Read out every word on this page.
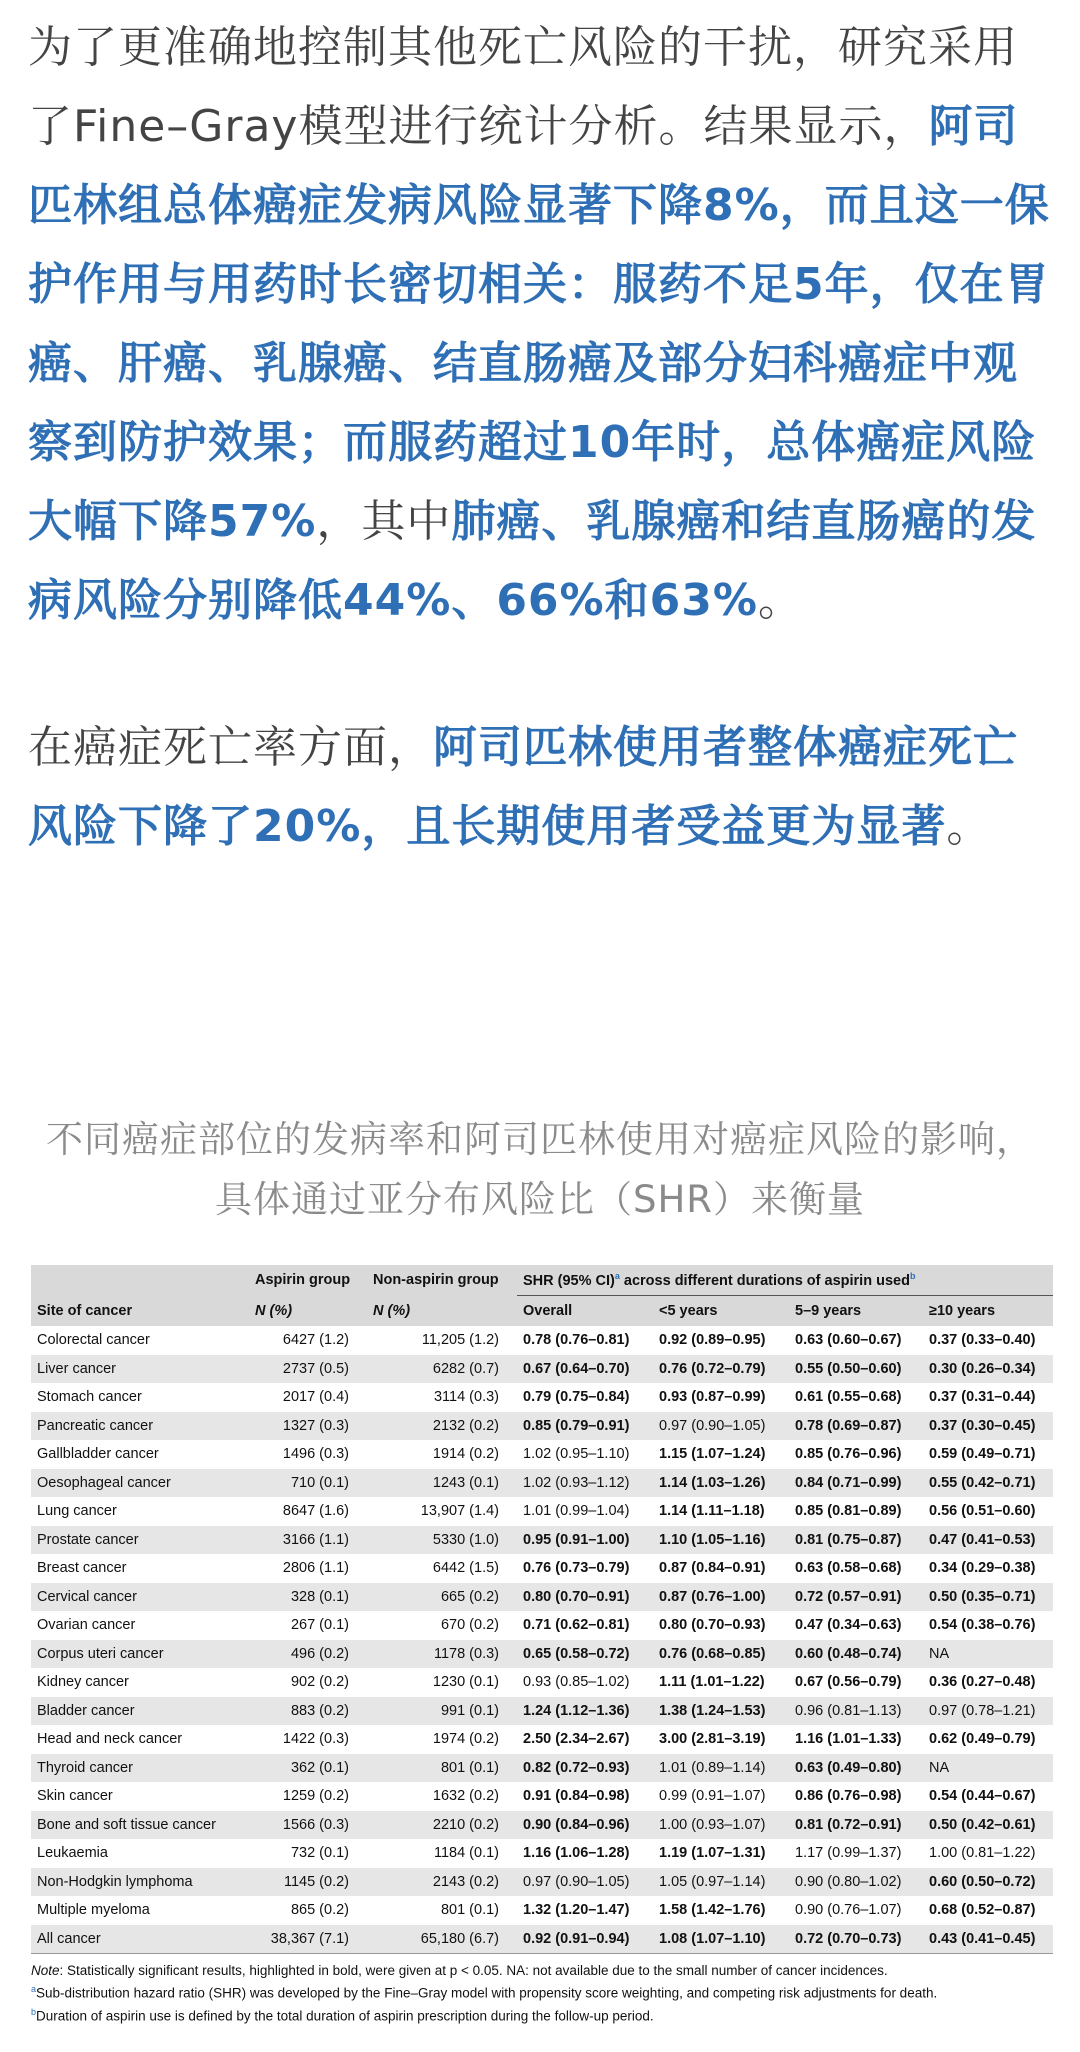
为了更准确地控制其他死亡风险的干扰，研究采用了Fine–Gray模型进行统计分析。结果显示，阿司匹林组总体癌症发病风险显著下降8%，而且这一保护作用与用药时长密切相关：服药不足5年，仅在胃癌、肝癌、乳腺癌、结直肠癌及部分妇科癌症中观察到防护效果；而服药超过10年时，总体癌症风险大幅下降57%，其中肺癌、乳腺癌和结直肠癌的发病风险分别降低44%、66%和63%。

在癌症死亡率方面，阿司匹林使用者整体癌症死亡风险下降了20%，且长期使用者受益更为显著。

不同癌症部位的发病率和阿司匹林使用对癌症风险的影响，具体通过亚分布风险比（SHR）来衡量
	Aspirin group	Non-aspirin group	SHR (95% CI)$^a$ across different durations of aspirin used$^b$
Site of cancer	N (%)	N (%)	Overall	<5 years	5–9 years	≥10 years
Colorectal cancer	6427 (1.2)	11,205 (1.2)	0.78 (0.76–0.81)	0.92 (0.89–0.95)	0.63 (0.60–0.67)	0.37 (0.33–0.40)
Liver cancer	2737 (0.5)	6282 (0.7)	0.67 (0.64–0.70)	0.76 (0.72–0.79)	0.55 (0.50–0.60)	0.30 (0.26–0.34)
Stomach cancer	2017 (0.4)	3114 (0.3)	0.79 (0.75–0.84)	0.93 (0.87–0.99)	0.61 (0.55–0.68)	0.37 (0.31–0.44)
Pancreatic cancer	1327 (0.3)	2132 (0.2)	0.85 (0.79–0.91)	0.97 (0.90–1.05)	0.78 (0.69–0.87)	0.37 (0.30–0.45)
Gallbladder cancer	1496 (0.3)	1914 (0.2)	1.02 (0.95–1.10)	1.15 (1.07–1.24)	0.85 (0.76–0.96)	0.59 (0.49–0.71)
Oesophageal cancer	710 (0.1)	1243 (0.1)	1.02 (0.93–1.12)	1.14 (1.03–1.26)	0.84 (0.71–0.99)	0.55 (0.42–0.71)
Lung cancer	8647 (1.6)	13,907 (1.4)	1.01 (0.99–1.04)	1.14 (1.11–1.18)	0.85 (0.81–0.89)	0.56 (0.51–0.60)
Prostate cancer	3166 (1.1)	5330 (1.0)	0.95 (0.91–1.00)	1.10 (1.05–1.16)	0.81 (0.75–0.87)	0.47 (0.41–0.53)
Breast cancer	2806 (1.1)	6442 (1.5)	0.76 (0.73–0.79)	0.87 (0.84–0.91)	0.63 (0.58–0.68)	0.34 (0.29–0.38)
Cervical cancer	328 (0.1)	665 (0.2)	0.80 (0.70–0.91)	0.87 (0.76–1.00)	0.72 (0.57–0.91)	0.50 (0.35–0.71)
Ovarian cancer	267 (0.1)	670 (0.2)	0.71 (0.62–0.81)	0.80 (0.70–0.93)	0.47 (0.34–0.63)	0.54 (0.38–0.76)
Corpus uteri cancer	496 (0.2)	1178 (0.3)	0.65 (0.58–0.72)	0.76 (0.68–0.85)	0.60 (0.48–0.74)	NA
Kidney cancer	902 (0.2)	1230 (0.1)	0.93 (0.85–1.02)	1.11 (1.01–1.22)	0.67 (0.56–0.79)	0.36 (0.27–0.48)
Bladder cancer	883 (0.2)	991 (0.1)	1.24 (1.12–1.36)	1.38 (1.24–1.53)	0.96 (0.81–1.13)	0.97 (0.78–1.21)
Head and neck cancer	1422 (0.3)	1974 (0.2)	2.50 (2.34–2.67)	3.00 (2.81–3.19)	1.16 (1.01–1.33)	0.62 (0.49–0.79)
Thyroid cancer	362 (0.1)	801 (0.1)	0.82 (0.72–0.93)	1.01 (0.89–1.14)	0.63 (0.49–0.80)	NA
Skin cancer	1259 (0.2)	1632 (0.2)	0.91 (0.84–0.98)	0.99 (0.91–1.07)	0.86 (0.76–0.98)	0.54 (0.44–0.67)
Bone and soft tissue cancer	1566 (0.3)	2210 (0.2)	0.90 (0.84–0.96)	1.00 (0.93–1.07)	0.81 (0.72–0.91)	0.50 (0.42–0.61)
Leukaemia	732 (0.1)	1184 (0.1)	1.16 (1.06–1.28)	1.19 (1.07–1.31)	1.17 (0.99–1.37)	1.00 (0.81–1.22)
Non-Hodgkin lymphoma	1145 (0.2)	2143 (0.2)	0.97 (0.90–1.05)	1.05 (0.97–1.14)	0.90 (0.80–1.02)	0.60 (0.50–0.72)
Multiple myeloma	865 (0.2)	801 (0.1)	1.32 (1.20–1.47)	1.58 (1.42–1.76)	0.90 (0.76–1.07)	0.68 (0.52–0.87)
All cancer	38,367 (7.1)	65,180 (6.7)	0.92 (0.91–0.94)	1.08 (1.07–1.10)	0.72 (0.70–0.73)	0.43 (0.41–0.45)
Note: Statistically significant results, highlighted in bold, were given at p < 0.05. NA: not available due to the small number of cancer incidences.
$^a$Sub-distribution hazard ratio (SHR) was developed by the Fine–Gray model with propensity score weighting, and competing risk adjustments for death.
$^b$Duration of aspirin use is defined by the total duration of aspirin prescription during the follow-up period.
